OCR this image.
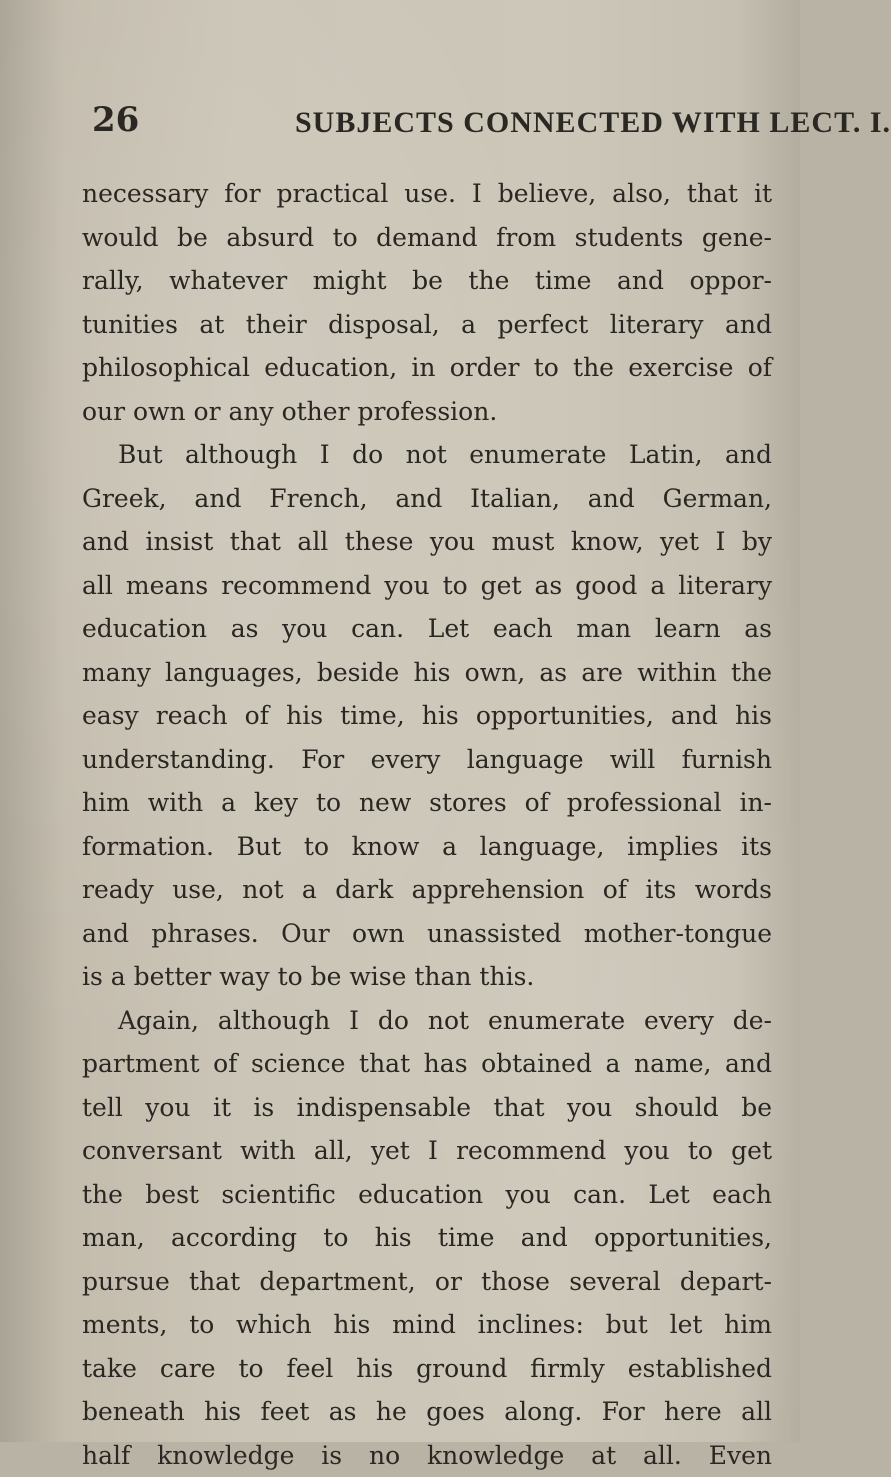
26	SUBJECTS CONNECTED WITH LECT. I.
necessary for practical use. I believe, also, that it
would be absurd to demand from students gene-
rally, whatever might be the time and oppor-
tunities at their disposal, a perfect literary and
philosophical education, in order to the exercise of
our own or any other profession.
But although I do not enumerate Latin, and
Greek, and French, and Italian, and German,
and insist that all these you must know, yet I by
all means recommend you to get as good a literary
education as you can. Let each man learn as
many languages, beside his own, as are within the
easy reach of his time, his opportunities, and his
understanding. For every language will furnish
him with a key to new stores of professional in-
formation. But to know a language, implies its
ready use, not a dark apprehension of its words
and phrases. Our own unassisted mother-tongue
is a better way to be wise than this.
Again, although I do not enumerate every de-
partment of science that has obtained a name, and
tell you it is indispensable that you should be
conversant with all, yet I recommend you to get
the best scientific education you can. Let each
man, according to his time and opportunities,
pursue that department, or those several depart-
ments, to which his mind inclines: but let him
take care to feel his ground firmly established
beneath his feet as he goes along. For here all
half knowledge is no knowledge at all. Even
